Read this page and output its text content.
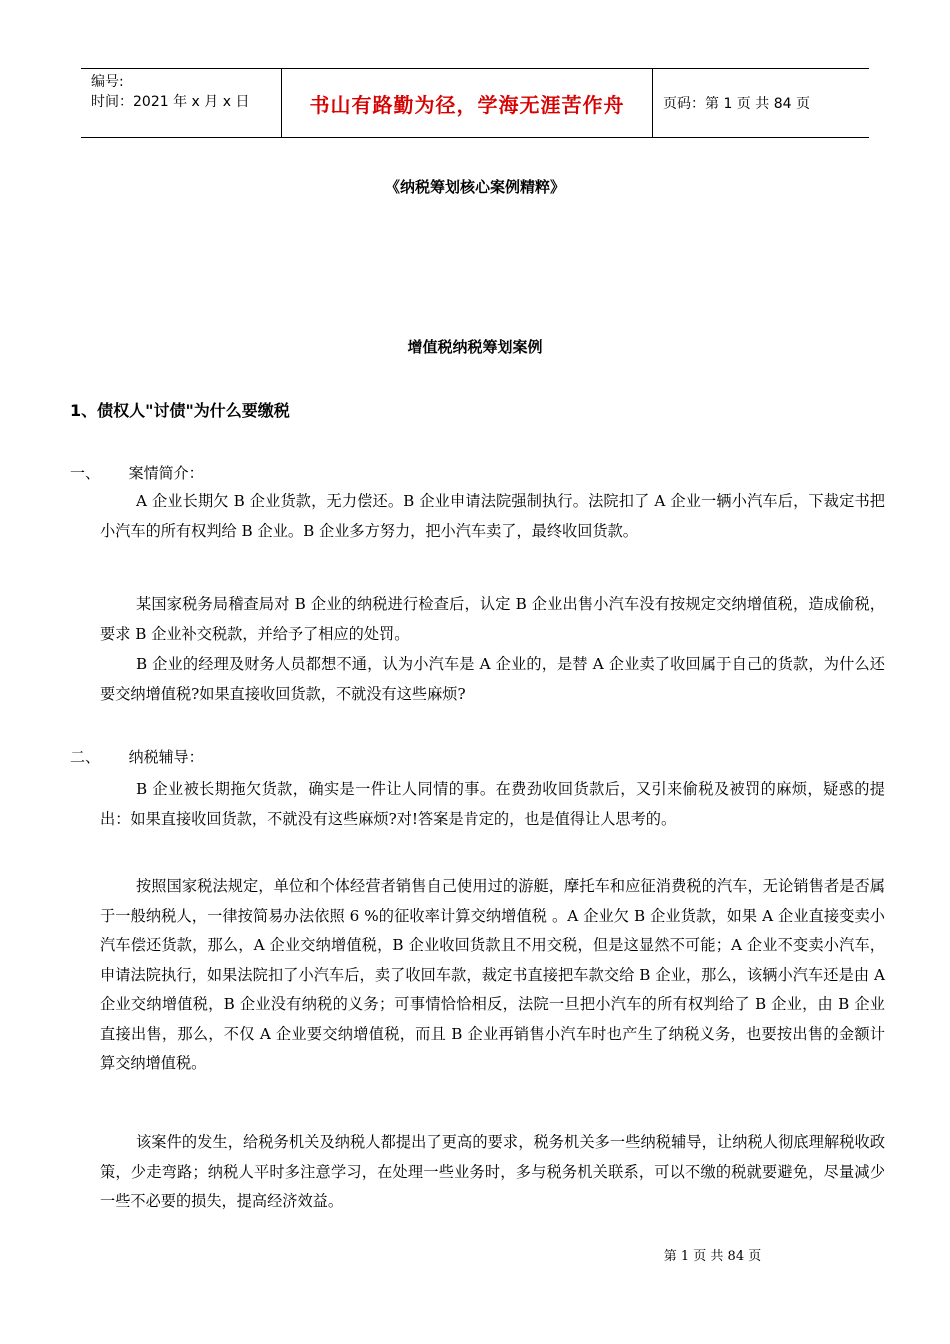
编号:
时间：2021 年 x 月 x 日	书山有路勤为径，学海无涯苦作舟	页码：第 1 页 共 84 页
《纳税筹划核心案例精粹》
增值税纳税筹划案例
1、债权人"讨债"为什么要缴税
一、      案情简介：

A 企业长期欠 B 企业货款，无力偿还。B 企业申请法院强制执行。法院扣了 A 企业一辆小汽车后，下裁定书把小汽车的所有权判给 B 企业。B 企业多方努力，把小汽车卖了，最终收回货款。

某国家税务局稽查局对 B 企业的纳税进行检查后，认定 B 企业出售小汽车没有按规定交纳增值税，造成偷税，要求 B 企业补交税款，并给予了相应的处罚。

B 企业的经理及财务人员都想不通，认为小汽车是 A 企业的，是替 A 企业卖了收回属于自己的货款，为什么还要交纳增值税?如果直接收回货款，不就没有这些麻烦?

二、      纳税辅导：

B 企业被长期拖欠货款，确实是一件让人同情的事。在费劲收回货款后，又引来偷税及被罚的麻烦，疑惑的提出：如果直接收回货款，不就没有这些麻烦?对!答案是肯定的，也是值得让人思考的。

按照国家税法规定，单位和个体经营者销售自己使用过的游艇，摩托车和应征消费税的汽车，无论销售者是否属于一般纳税人，一律按简易办法依照 6 %的征收率计算交纳增值税 。A 企业欠 B 企业货款，如果 A 企业直接变卖小汽车偿还货款，那么，A 企业交纳增值税，B 企业收回货款且不用交税，但是这显然不可能；A 企业不变卖小汽车，申请法院执行，如果法院扣了小汽车后，卖了收回车款，裁定书直接把车款交给 B 企业，那么，该辆小汽车还是由 A 企业交纳增值税，B 企业没有纳税的义务；可事情恰恰相反，法院一旦把小汽车的所有权判给了 B 企业，由 B 企业直接出售，那么，不仅 A 企业要交纳增值税，而且 B 企业再销售小汽车时也产生了纳税义务，也要按出售的金额计算交纳增值税。

该案件的发生，给税务机关及纳税人都提出了更高的要求，税务机关多一些纳税辅导，让纳税人彻底理解税收政策，少走弯路；纳税人平时多注意学习，在处理一些业务时，多与税务机关联系，可以不缴的税就要避免，尽量减少一些不必要的损失，提高经济效益。

第 1 页 共 84 页
